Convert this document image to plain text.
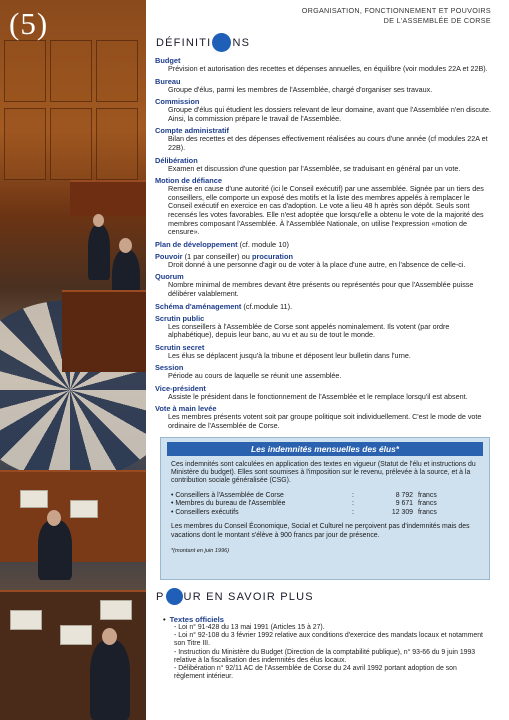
(5)	ORGANISATION, FONCTIONNEMENT ET POUVOIRS
DE L'ASSEMBLÉE DE CORSE
DÉFINITI NS
Budget
Prévision et autorisation des recettes et dépenses annuelles, en équilibre (voir modules 22A et 22B).
Bureau
Groupe d'élus, parmi les membres de l'Assemblée, chargé d'organiser ses travaux.
Commission
Groupe d'élus qui étudient les dossiers relevant de leur domaine, avant que l'Assemblée n'en discute. Ainsi, la commission prépare le travail de l'Assemblée.
Compte administratif
Bilan des recettes et des dépenses effectivement réalisées au cours d'une année (cf modules 22A et 22B).
Délibération
Examen et discussion d'une question par l'Assemblée, se traduisant en général par un vote.
Motion de défiance
Remise en cause d'une autorité (ici le Conseil exécutif) par une assemblée. Signée par un tiers des conseillers, elle comporte un exposé des motifs et la liste des membres appelés à remplacer le Conseil exécutif en exercice en cas d'adoption. Le vote a lieu 48 h après son dépôt. Seuls sont recensés les votes favorables. Elle n'est adoptée que lorsqu'elle a obtenu le vote de la majorité des membres composant l'Assemblée. À l'Assemblée Nationale, on utilise l'expression «motion de censure».
Plan de développement (cf. module 10)
Pouvoir (1 par conseiller) ou procuration
Droit donné à une personne d'agir ou de voter à la place d'une autre, en l'absence de celle-ci.
Quorum
Nombre minimal de membres devant être présents ou représentés pour que l'Assemblée puisse délibérer valablement.
Schéma d'aménagement (cf.module 11).
Scrutin public
Les conseillers à l'Assemblée de Corse sont appelés nominalement. Ils votent (par ordre alphabétique), depuis leur banc, au vu et au su de tout le monde.
Scrutin secret
Les élus se déplacent jusqu'à la tribune et déposent leur bulletin dans l'urne.
Session
Période au cours de laquelle se réunit une assemblée.
Vice-président
Assiste le président dans le fonctionnement de l'Assemblée et le remplace lorsqu'il est absent.
Vote à main levée
Les membres présents votent soit par groupe politique soit individuellement. C'est le mode de vote ordinaire de l'Assemblée de Corse.
Les indemnités mensuelles des élus*
Ces indemnités sont calculées en application des textes en vigueur (Statut de l'élu et instructions du Ministère du budget). Elles sont soumises à l'imposition sur le revenu, prélevée à la source, et à la contribution sociale généralisée (CSG).
• Conseillers à l'Assemblée de Corse	:	8 792 francs
• Membres du bureau de l'Assemblée	:	9 671 francs
• Conseillers exécutifs	:	12 309 francs
Les membres du Conseil Économique, Social et Culturel ne perçoivent pas d'indemnités mais des vacations dont le montant s'élève à 900 francs par jour de présence.
*(montant en juin 1996)
P UR EN SAVOIR PLUS
• Textes officiels
- Loi n° 91-428 du 13 mai 1991 (Articles 15 à 27).
- Loi n° 92-108 du 3 février 1992 relative aux conditions d'exercice des mandats locaux et notamment son Titre III.
- Instruction du Ministère du Budget (Direction de la comptabilité publique), n° 93-66 du 9 juin 1993 relative à la fiscalisation des indemnités des élus locaux.
- Délibération n° 92/11 AC de l'Assemblée de Corse du 24 avril 1992 portant adoption de son règlement intérieur.
